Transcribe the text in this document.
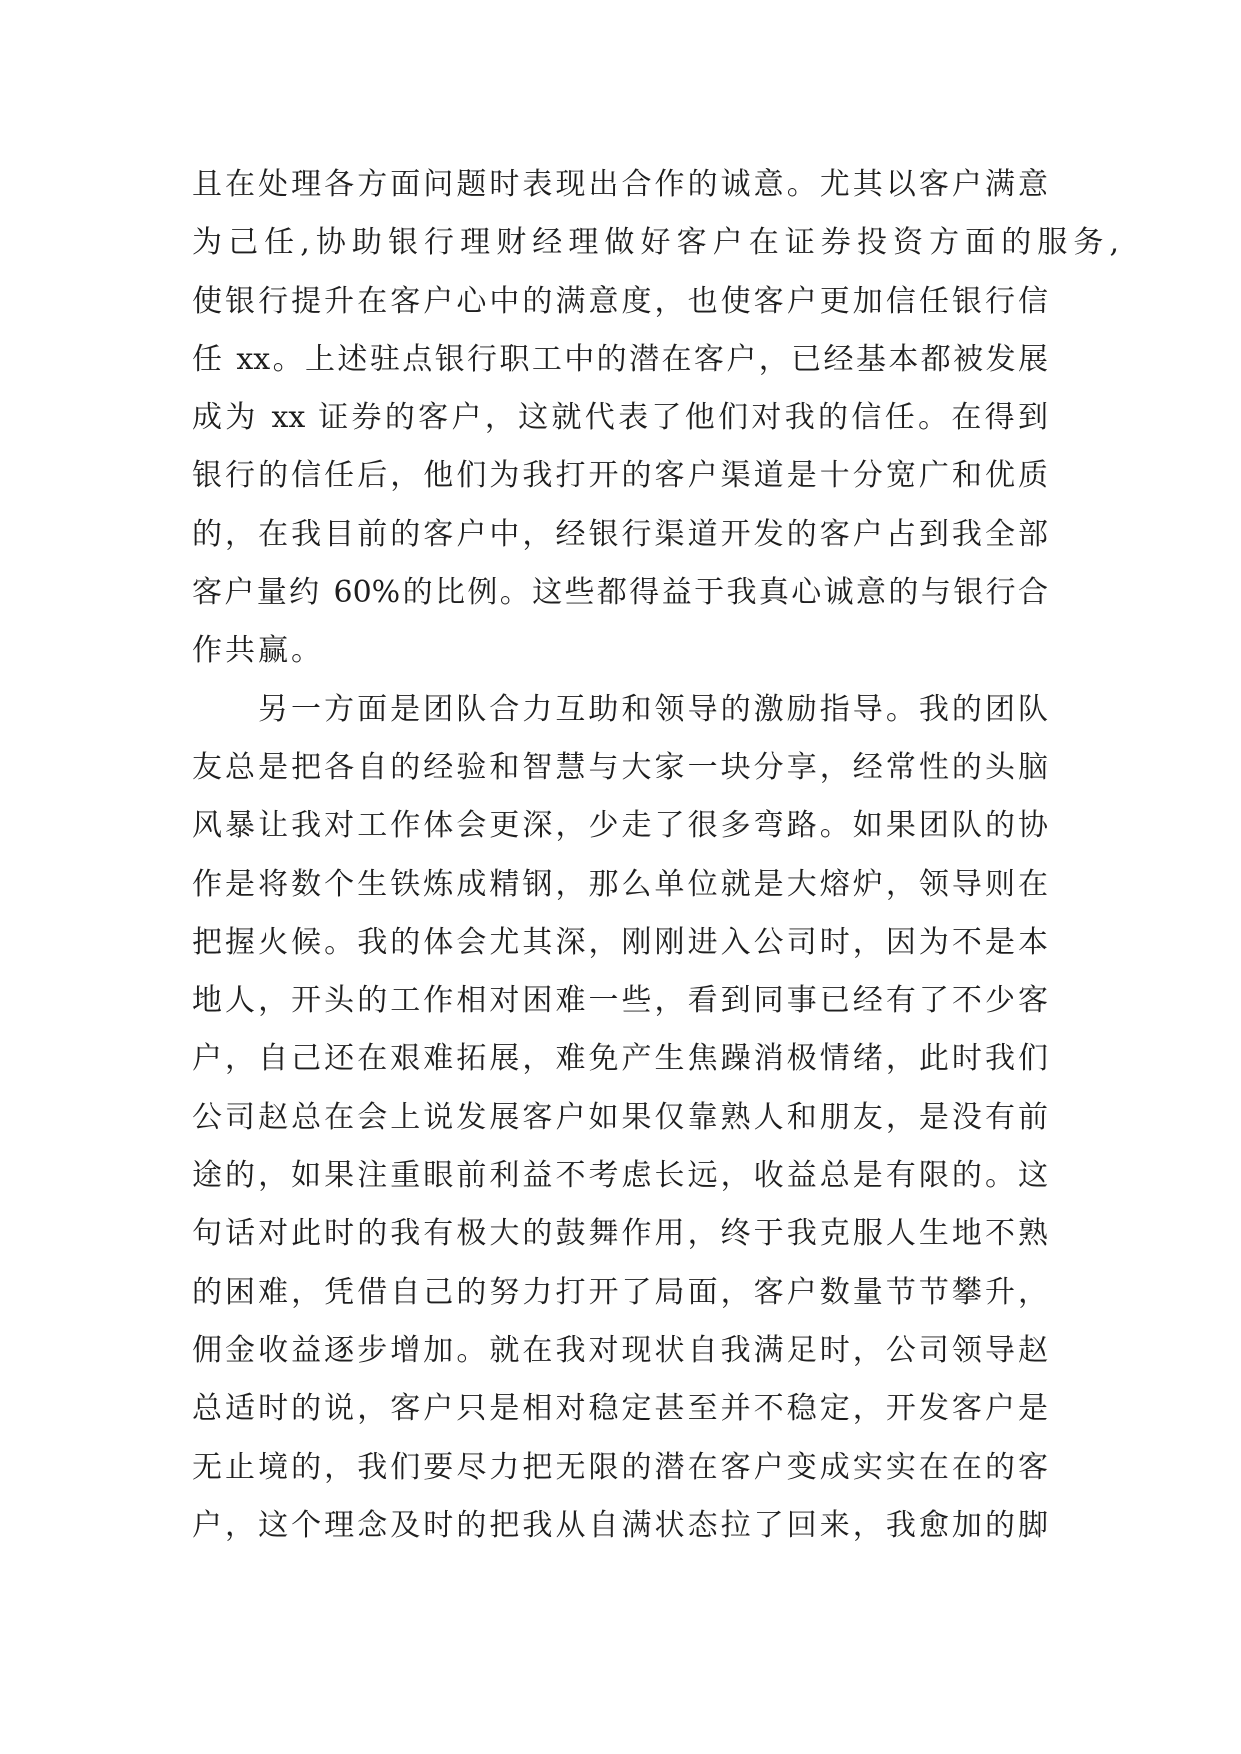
且在处理各方面问题时表现出合作的诚意。尤其以客户满意
为己任,协助银行理财经理做好客户在证券投资方面的服务,
使银行提升在客户心中的满意度，也使客户更加信任银行信
任 xx。上述驻点银行职工中的潜在客户，已经基本都被发展
成为 xx 证券的客户，这就代表了他们对我的信任。在得到
银行的信任后，他们为我打开的客户渠道是十分宽广和优质
的，在我目前的客户中，经银行渠道开发的客户占到我全部
客户量约 60%的比例。这些都得益于我真心诚意的与银行合
作共赢。
另一方面是团队合力互助和领导的激励指导。我的团队
友总是把各自的经验和智慧与大家一块分享，经常性的头脑
风暴让我对工作体会更深，少走了很多弯路。如果团队的协
作是将数个生铁炼成精钢，那么单位就是大熔炉，领导则在
把握火候。我的体会尤其深，刚刚进入公司时，因为不是本
地人，开头的工作相对困难一些，看到同事已经有了不少客
户，自己还在艰难拓展，难免产生焦躁消极情绪，此时我们
公司赵总在会上说发展客户如果仅靠熟人和朋友，是没有前
途的，如果注重眼前利益不考虑长远，收益总是有限的。这
句话对此时的我有极大的鼓舞作用，终于我克服人生地不熟
的困难，凭借自己的努力打开了局面，客户数量节节攀升，
佣金收益逐步增加。就在我对现状自我满足时，公司领导赵
总适时的说，客户只是相对稳定甚至并不稳定，开发客户是
无止境的，我们要尽力把无限的潜在客户变成实实在在的客
户，这个理念及时的把我从自满状态拉了回来，我愈加的脚
